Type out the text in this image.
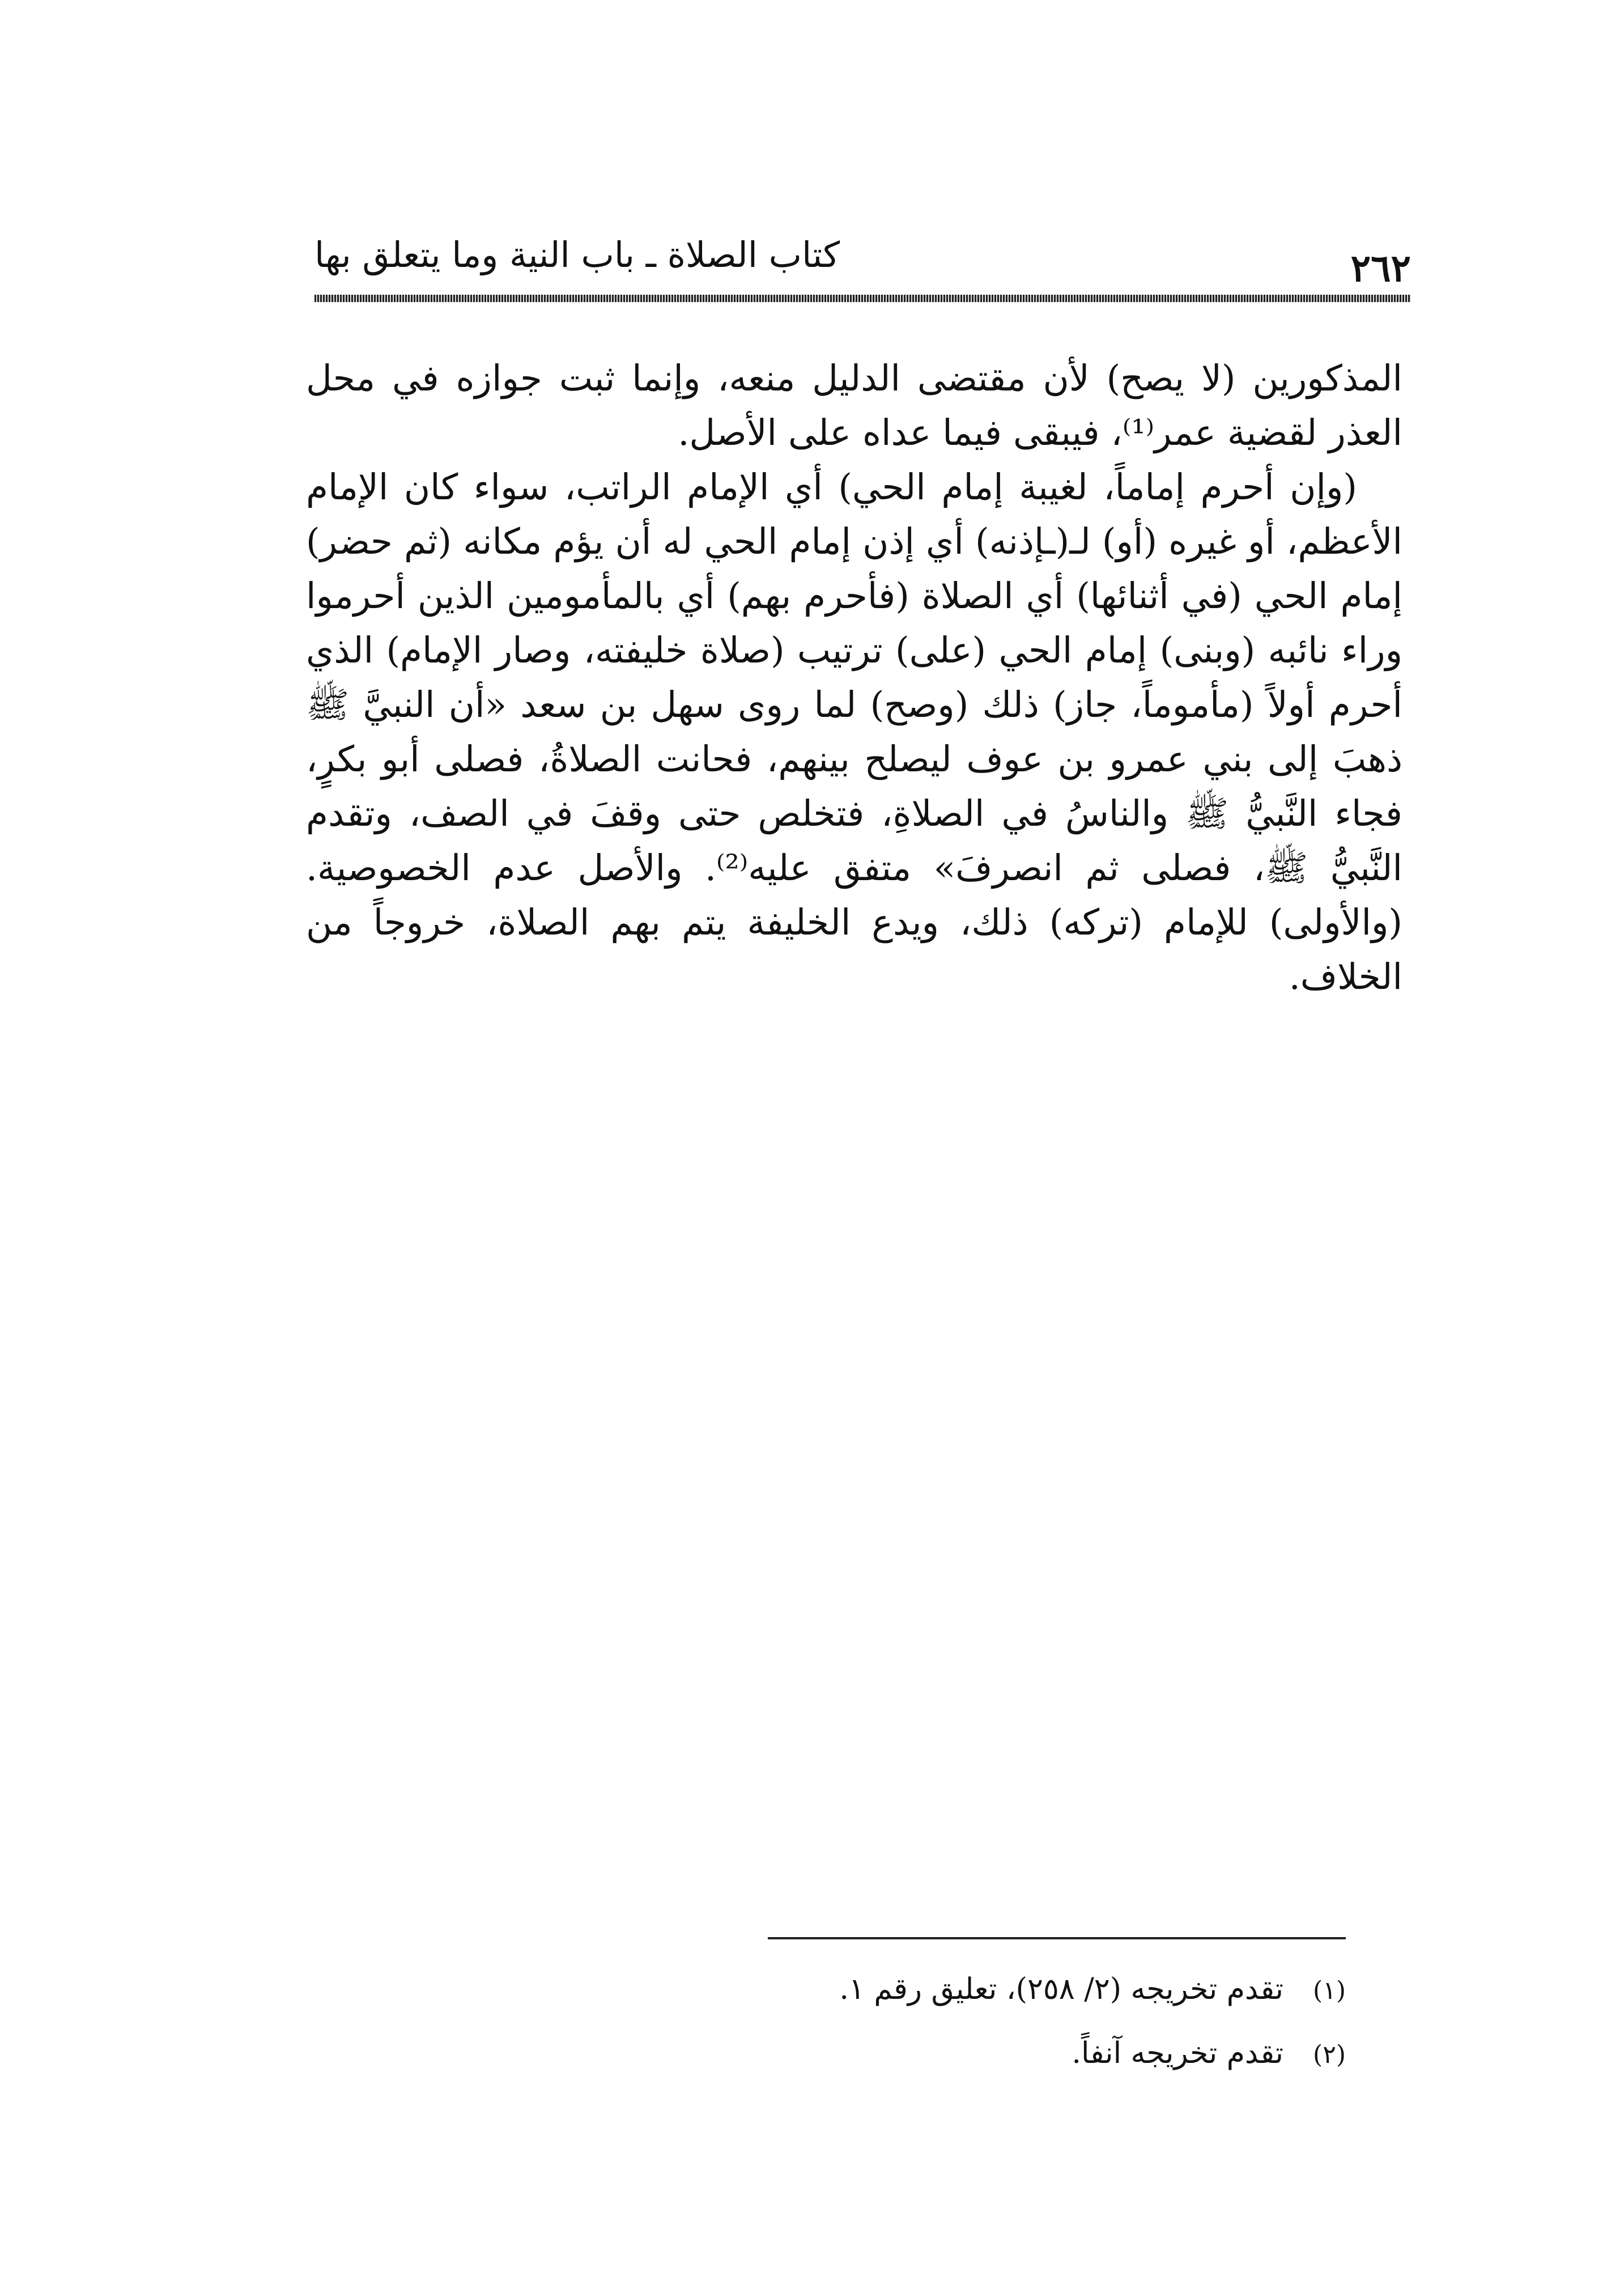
٢٦٢
كتاب الصلاة ـ باب النية وما يتعلق بها

المذكورين (لا يصح) لأن مقتضى الدليل منعه، وإنما ثبت جوازه في محل العذر لقضية عمر⁽¹⁾، فيبقى فيما عداه على الأصل.

(وإن أحرم إماماً، لغيبة إمام الحي) أي الإمام الراتب، سواء كان الإمام الأعظم، أو غيره (أو) لـ(ـإذنه) أي إذن إمام الحي له أن يؤم مكانه (ثم حضر) إمام الحي (في أثنائها) أي الصلاة (فأحرم بهم) أي بالمأمومين الذين أحرموا وراء نائبه (وبنى) إمام الحي (على) ترتيب (صلاة خليفته، وصار الإمام) الذي أحرم أولاً (مأموماً، جاز) ذلك (وصح) لما روى سهل بن سعد «أن النبيَّ ﷺ ذهبَ إلى بني عمرو بن عوف ليصلح بينهم، فحانت الصلاةُ، فصلى أبو بكرٍ، فجاء النَّبيُّ ﷺ والناسُ في الصلاةِ، فتخلص حتى وقفَ في الصف، وتقدم النَّبيُّ ﷺ، فصلى ثم انصرفَ» متفق عليه⁽²⁾. والأصل عدم الخصوصية. (والأولى) للإمام (تركه) ذلك، ويدع الخليفة يتم بهم الصلاة، خروجاً من الخلاف.

(١)تقدم تخريجه (٢/ ٢٥٨)، تعليق رقم ١.
(٢)تقدم تخريجه آنفاً.
